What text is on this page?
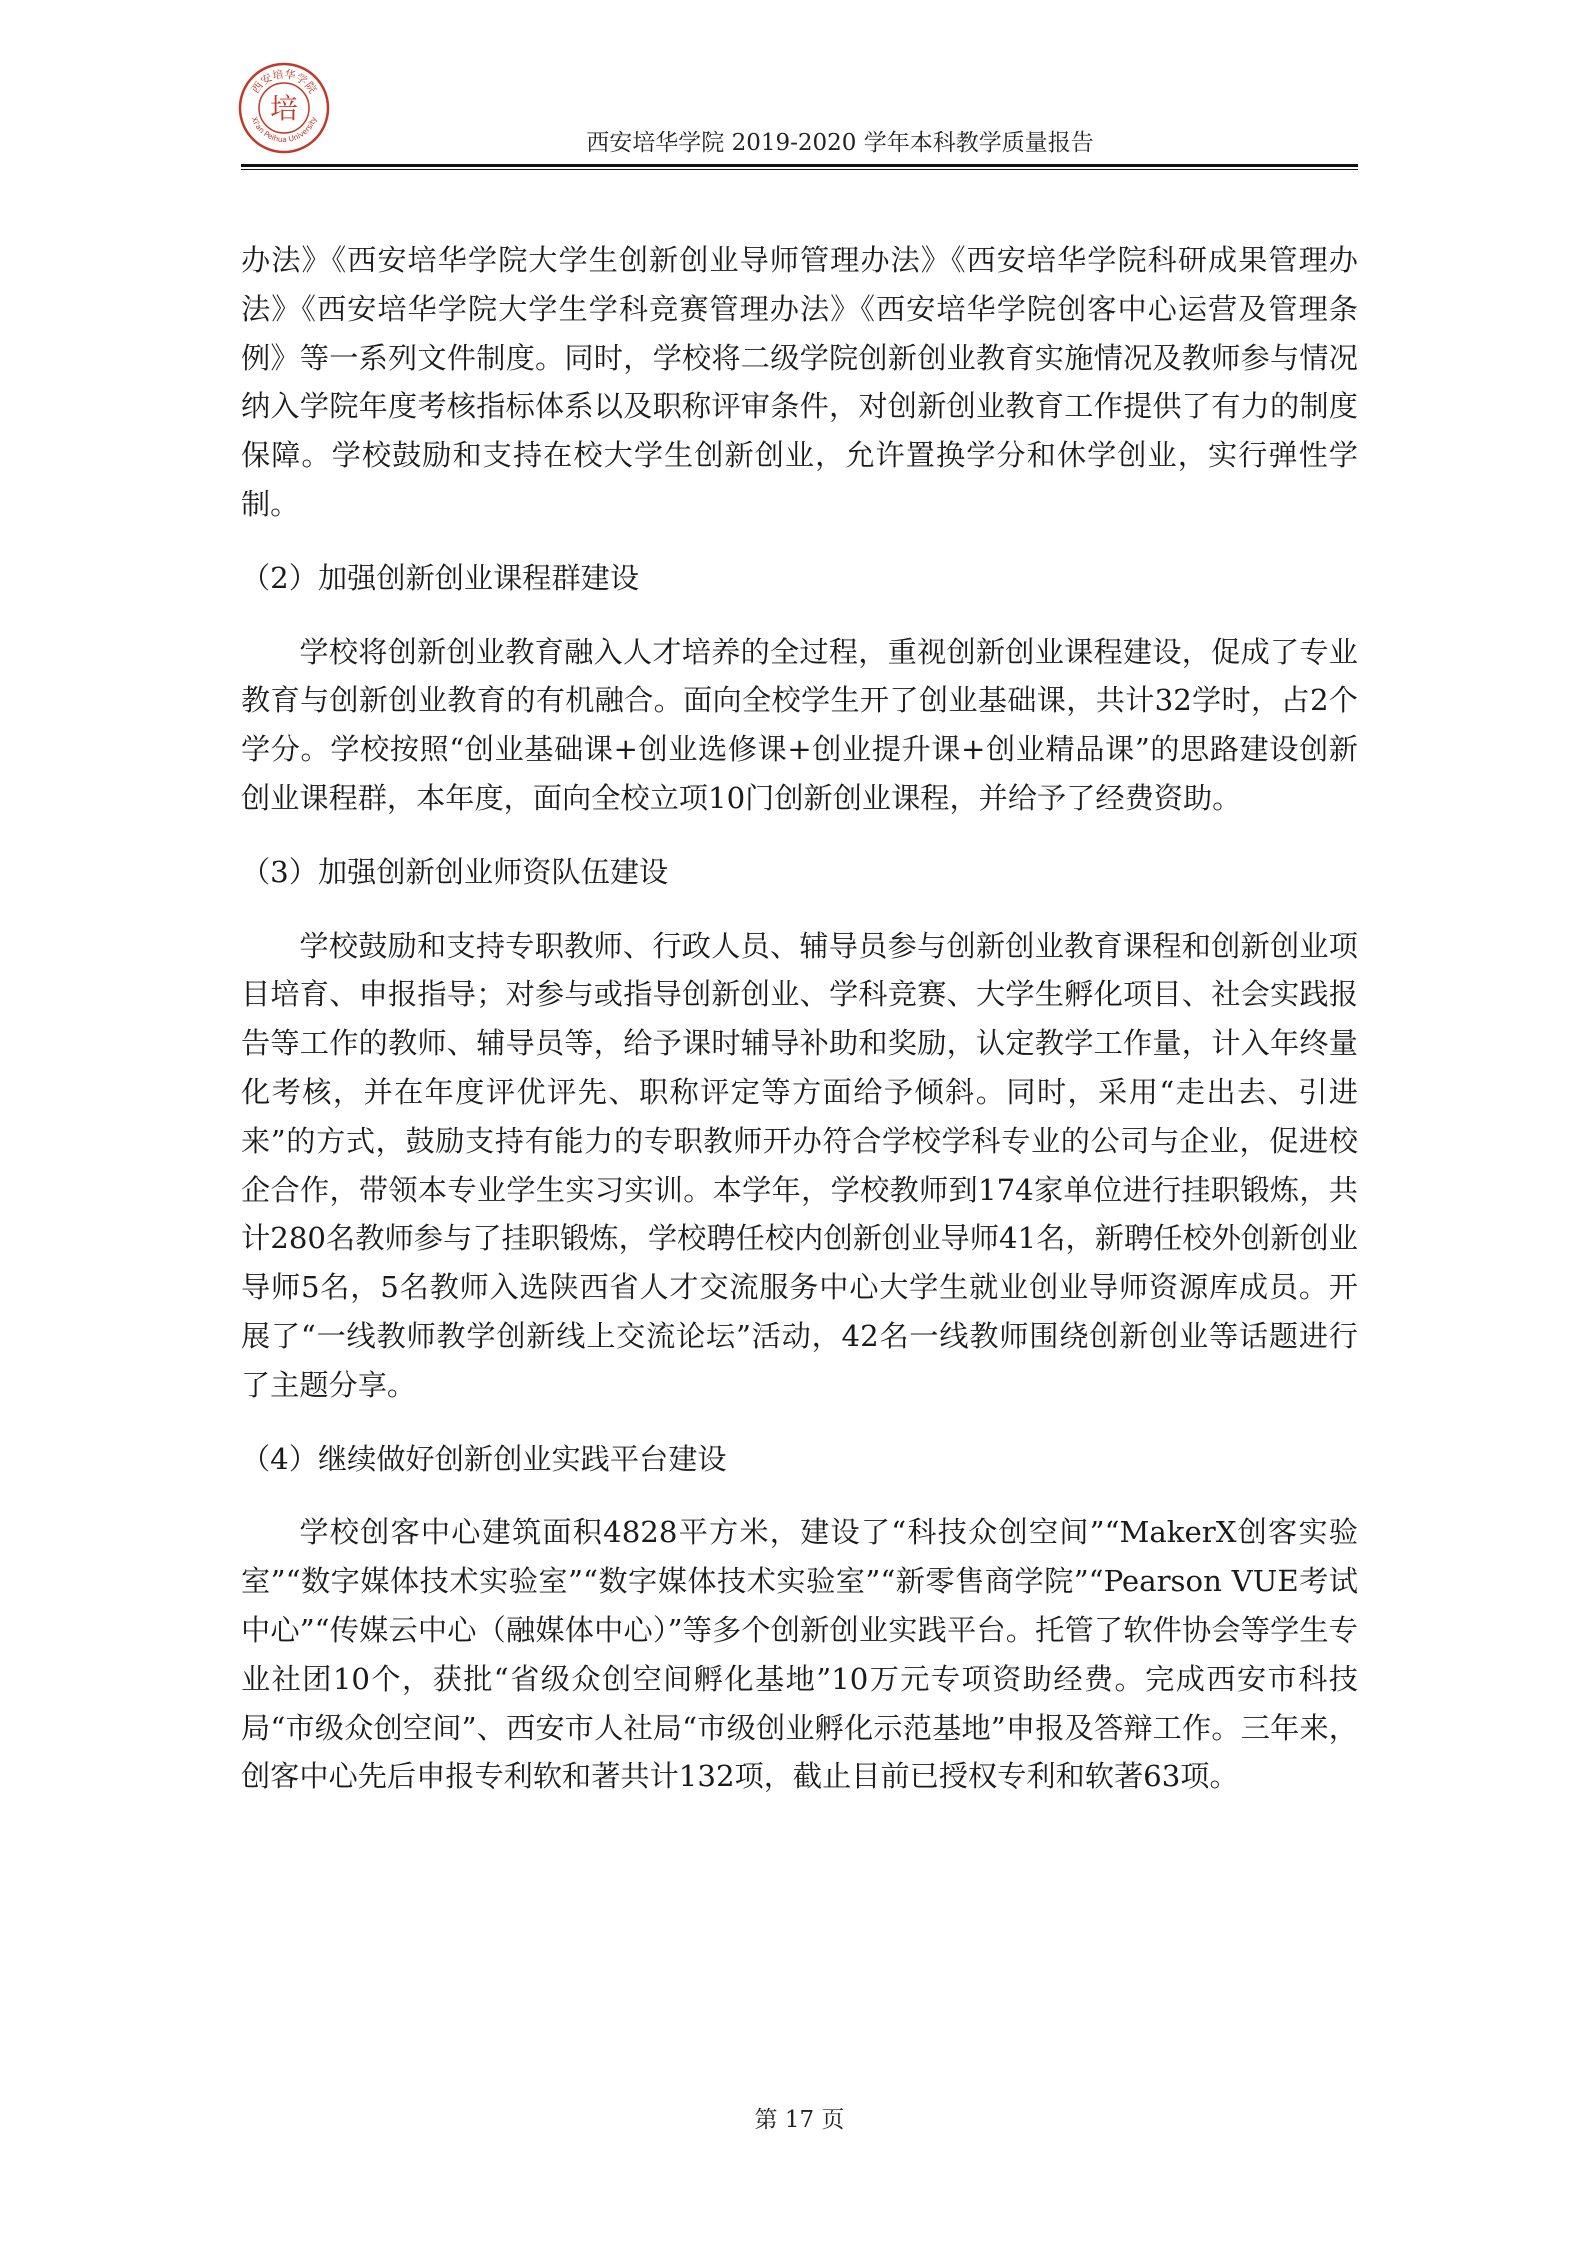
西安培华学院
Xi'an Peihua University
培
西安培华学院 2019-2020 学年本科教学质量报告

办法》《西安培华学院大学生创新创业导师管理办法》《西安培华学院科研成果管理办法》《西安培华学院大学生学科竞赛管理办法》《西安培华学院创客中心运营及管理条例》等一系列文件制度。同时，学校将二级学院创新创业教育实施情况及教师参与情况纳入学院年度考核指标体系以及职称评审条件，对创新创业教育工作提供了有力的制度保障。学校鼓励和支持在校大学生创新创业，允许置换学分和休学创业，实行弹性学制。

（2）加强创新创业课程群建设

学校将创新创业教育融入人才培养的全过程，重视创新创业课程建设，促成了专业教育与创新创业教育的有机融合。面向全校学生开了创业基础课，共计32学时，占2个学分。学校按照“创业基础课+创业选修课+创业提升课+创业精品课”的思路建设创新创业课程群，本年度，面向全校立项10门创新创业课程，并给予了经费资助。

（3）加强创新创业师资队伍建设

学校鼓励和支持专职教师、行政人员、辅导员参与创新创业教育课程和创新创业项目培育、申报指导；对参与或指导创新创业、学科竞赛、大学生孵化项目、社会实践报告等工作的教师、辅导员等，给予课时辅导补助和奖励，认定教学工作量，计入年终量化考核，并在年度评优评先、职称评定等方面给予倾斜。同时，采用“走出去、引进来”的方式，鼓励支持有能力的专职教师开办符合学校学科专业的公司与企业，促进校企合作，带领本专业学生实习实训。本学年，学校教师到174家单位进行挂职锻炼，共计280名教师参与了挂职锻炼，学校聘任校内创新创业导师41名，新聘任校外创新创业导师5名，5名教师入选陕西省人才交流服务中心大学生就业创业导师资源库成员。开展了“一线教师教学创新线上交流论坛”活动，42名一线教师围绕创新创业等话题进行了主题分享。

（4）继续做好创新创业实践平台建设

学校创客中心建筑面积4828平方米，建设了“科技众创空间”“MakerX创客实验室”“数字媒体技术实验室”“数字媒体技术实验室”“新零售商学院”“Pearson VUE考试中心”“传媒云中心（融媒体中心）”等多个创新创业实践平台。托管了软件协会等学生专业社团10个，获批“省级众创空间孵化基地”10万元专项资助经费。完成西安市科技局“市级众创空间”、西安市人社局“市级创业孵化示范基地”申报及答辩工作。三年来，创客中心先后申报专利软和著共计132项，截止目前已授权专利和软著63项。

第 17 页
